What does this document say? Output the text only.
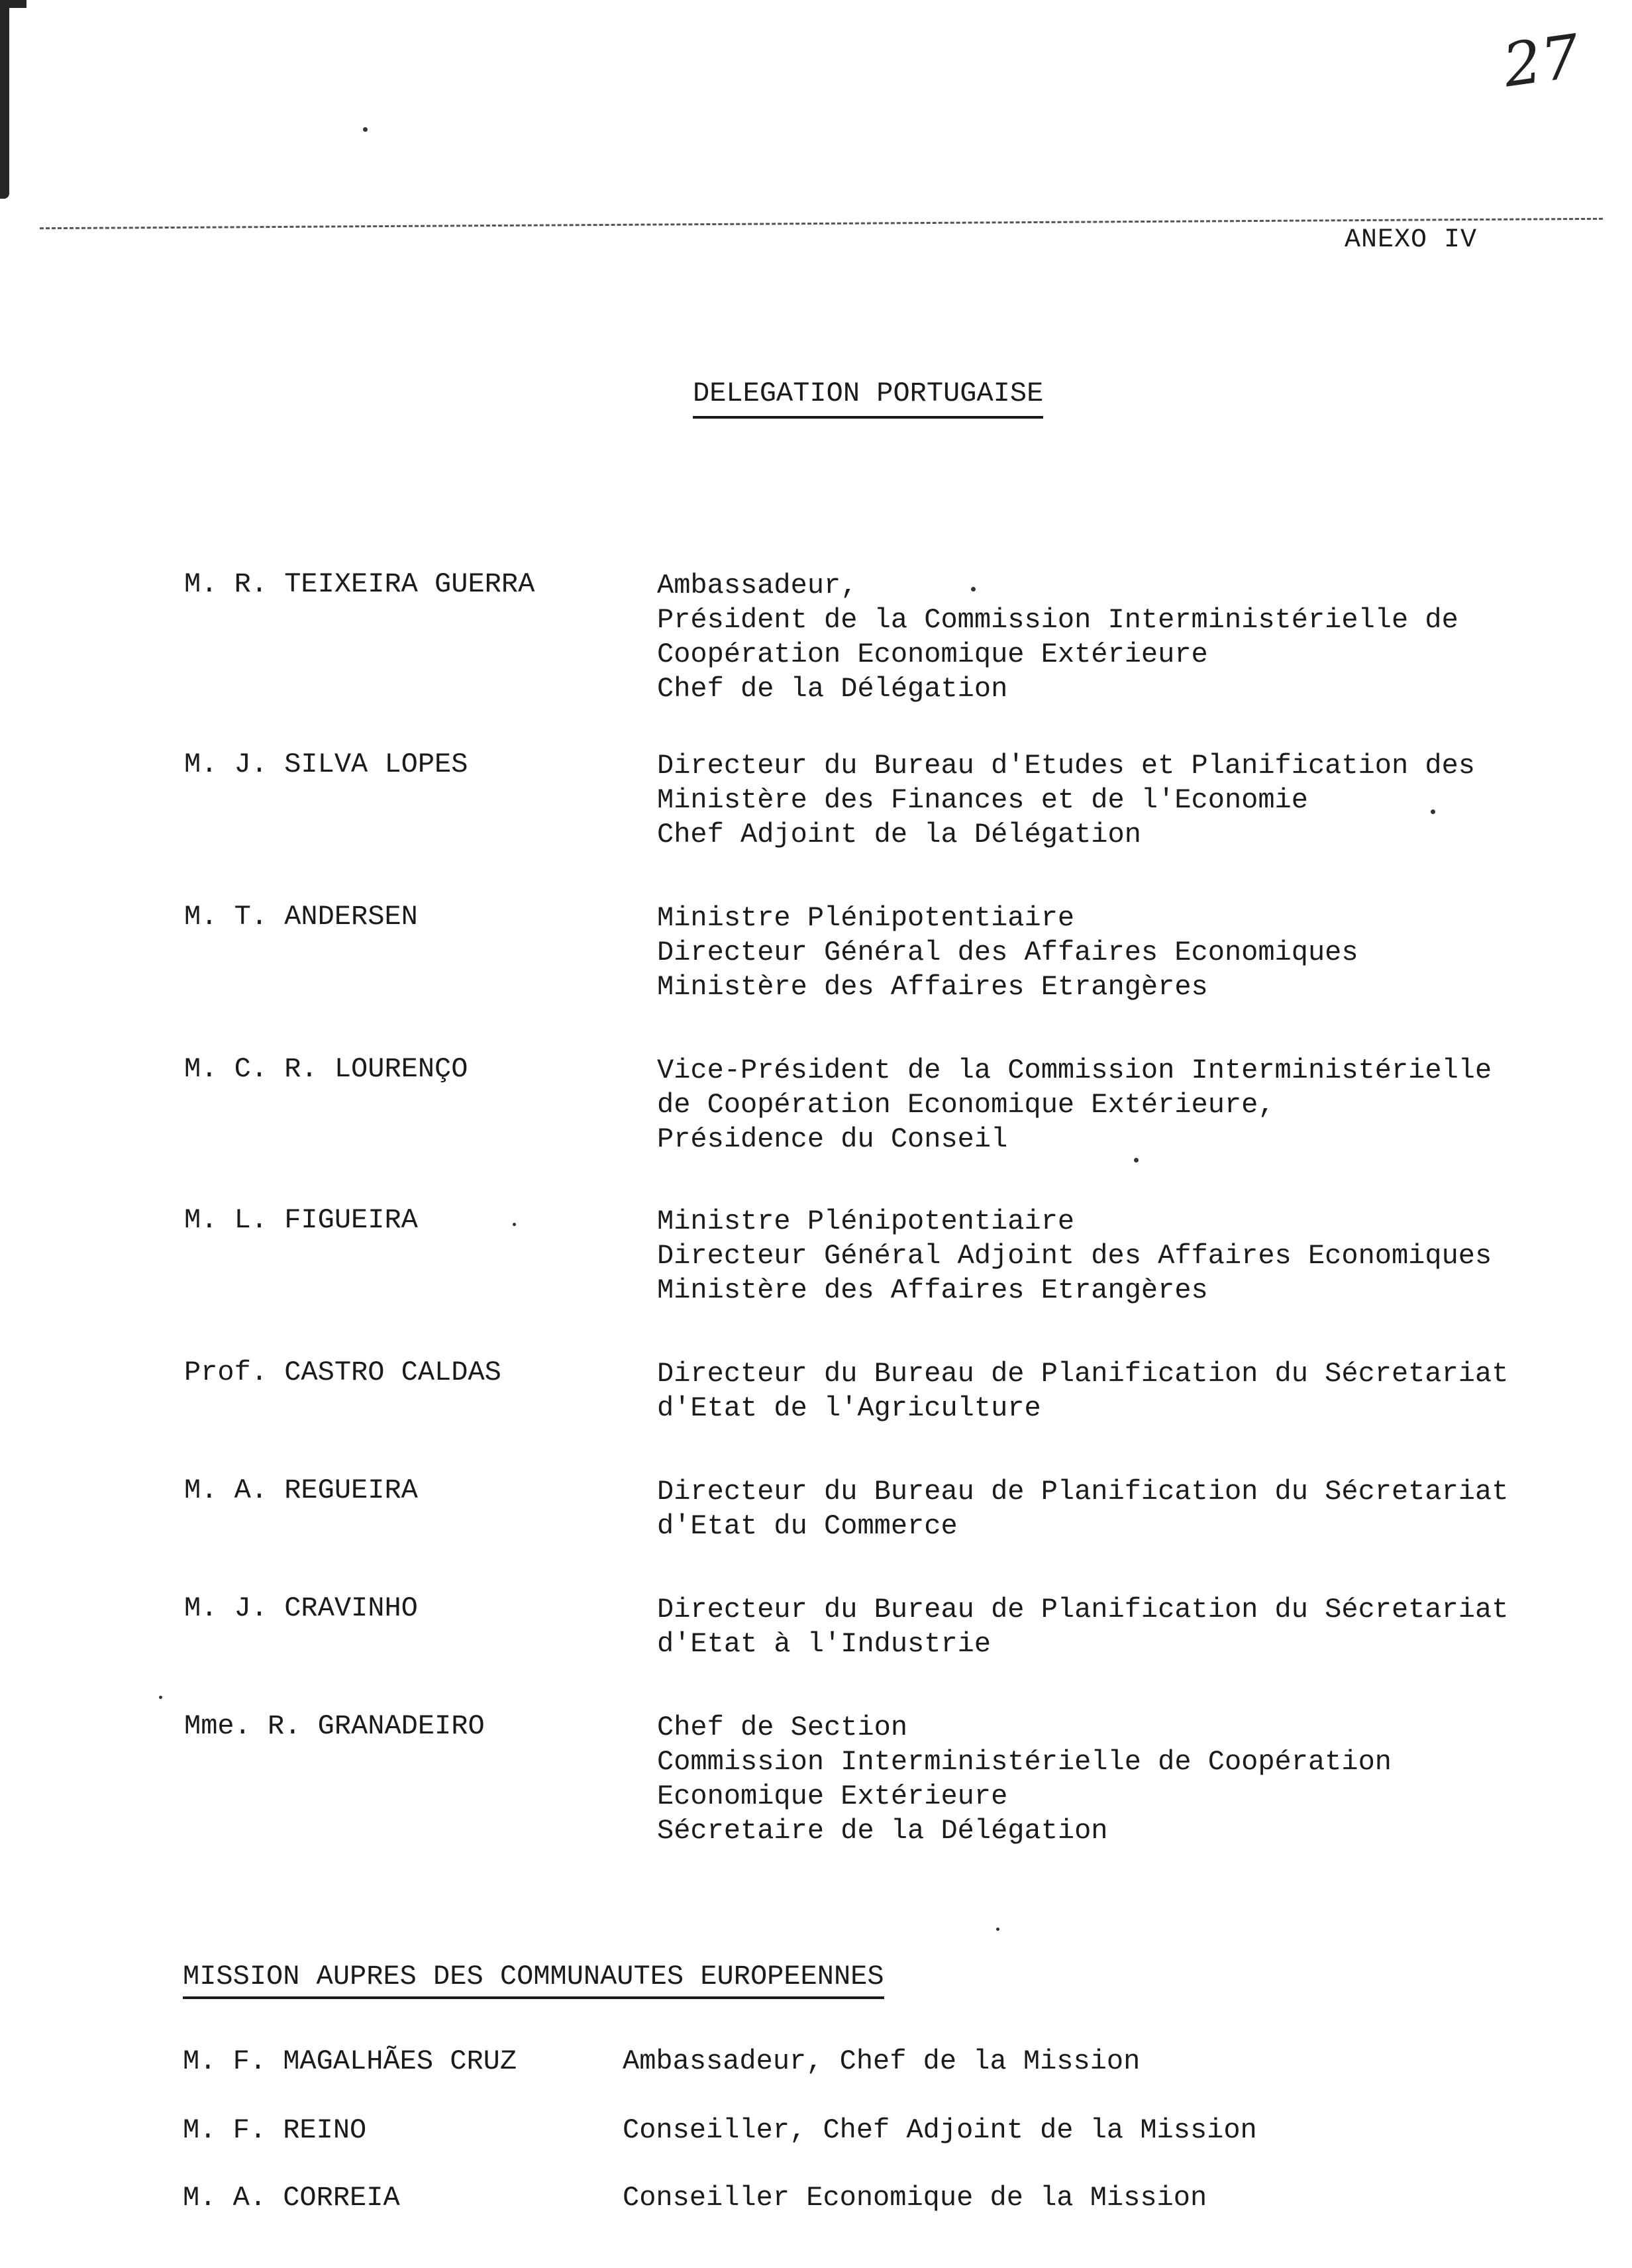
27
ANEXO IV
DELEGATION PORTUGAISE
M. R. TEIXEIRA GUERRA	Ambassadeur,
Président de la Commission Interministérielle de
Coopération Economique Extérieure
Chef de la Délégation
M. J. SILVA LOPES	Directeur du Bureau d'Etudes et Planification des
Ministère des Finances et de l'Economie
Chef Adjoint de la Délégation
M. T. ANDERSEN	Ministre Plénipotentiaire
Directeur Général des Affaires Economiques
Ministère des Affaires Etrangères
M. C. R. LOURENÇO	Vice-Président de la Commission Interministérielle
de Coopération Economique Extérieure,
Présidence du Conseil
M. L. FIGUEIRA	Ministre Plénipotentiaire
Directeur Général Adjoint des Affaires Economiques
Ministère des Affaires Etrangères
Prof. CASTRO CALDAS	Directeur du Bureau de Planification du Sécretariat
d'Etat de l'Agriculture
M. A. REGUEIRA	Directeur du Bureau de Planification du Sécretariat
d'Etat du Commerce
M. J. CRAVINHO	Directeur du Bureau de Planification du Sécretariat
d'Etat à l'Industrie
Mme. R. GRANADEIRO	Chef de Section
Commission Interministérielle de Coopération
Economique Extérieure
Sécretaire de la Délégation
MISSION AUPRES DES COMMUNAUTES EUROPEENNES
M. F. MAGALHÃES CRUZ	Ambassadeur, Chef de la Mission
M. F. REINO	Conseiller, Chef Adjoint de la Mission
M. A. CORREIA	Conseiller Economique de la Mission
